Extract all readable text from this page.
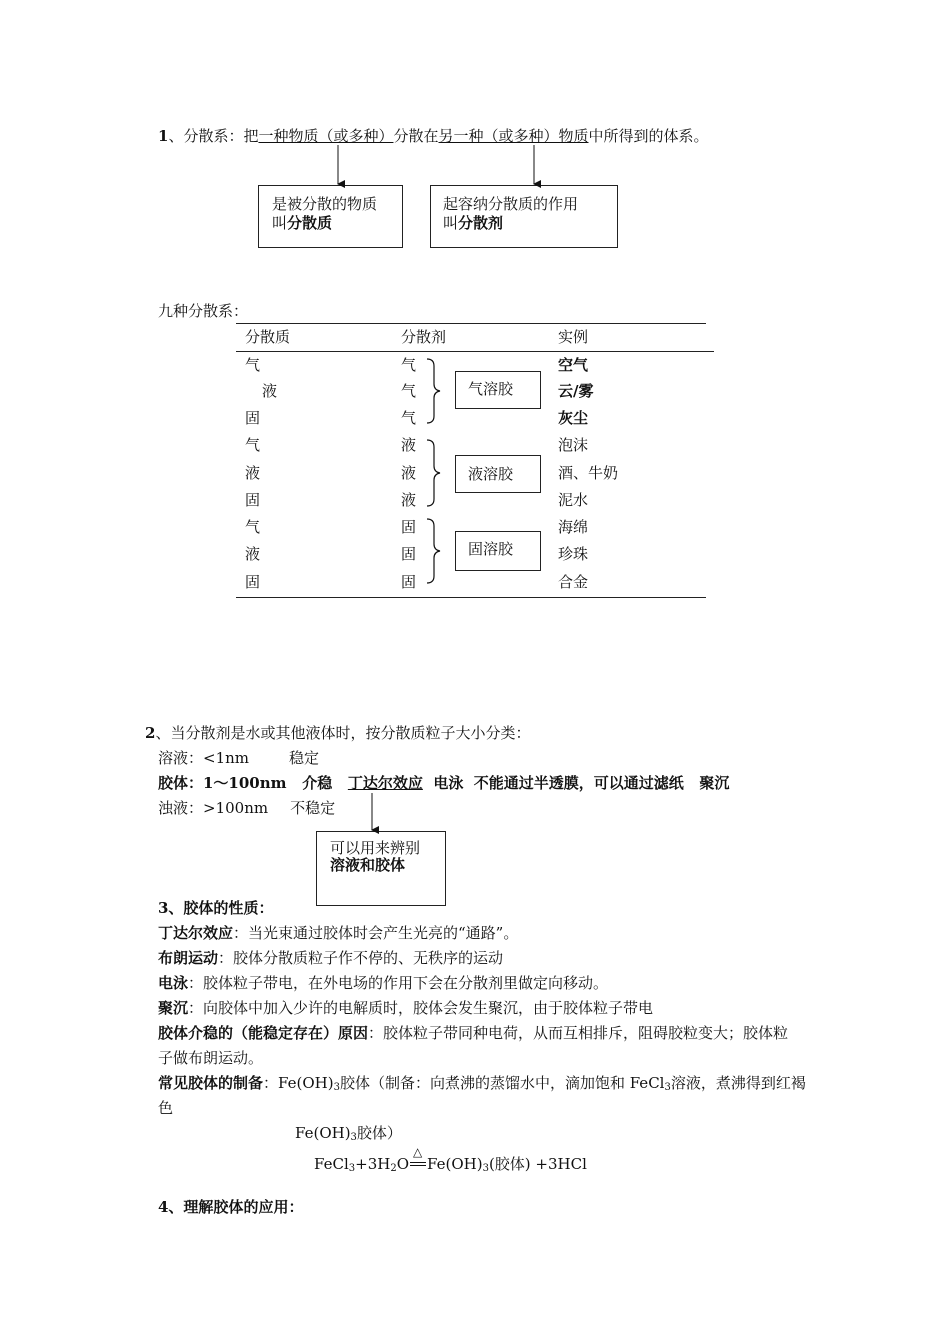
1、分散系：把一种物质（或多种）分散在另一种（或多种）物质中所得到的体系。
是被分散的物质
叫分散质
起容纳分散质的作用
叫分散剂
九种分散系：
分散质	分散剂	实例
气	气	空气
液	气	云/雾
固	气	灰尘
气	液	泡沫
液	液	酒、牛奶
固	液	泥水
气	固	海绵
液	固	珍珠
固	固	合金
气溶胶
液溶胶
固溶胶
2、当分散剂是水或其他液体时，按分散质粒子大小分类：
溶液：<1nm	稳定
胶体：1～100nm   介稳   丁达尔效应  电泳  不能通过半透膜，可以通过滤纸   聚沉
浊液：>100nm 不稳定
可以用来辨别
溶液和胶体
3、胶体的性质：
丁达尔效应：当光束通过胶体时会产生光亮的“通路”。
布朗运动：胶体分散质粒子作不停的、无秩序的运动
电泳：胶体粒子带电，在外电场的作用下会在分散剂里做定向移动。
聚沉：向胶体中加入少许的电解质时，胶体会发生聚沉，由于胶体粒子带电
胶体介稳的（能稳定存在）原因：胶体粒子带同种电荷，从而互相排斥，阻碍胶粒变大；胶体粒
子做布朗运动。
常见胶体的制备：$Fe(OH)_3$胶体（制备：向煮沸的蒸馏水中，滴加饱和 FeCl$_3$溶液，煮沸得到红褐
色
$Fe(OH)_3$胶体）
$FeCl_3+3H_2O$
△
$Fe(OH)_3$(胶体) +3HCl
4、理解胶体的应用：
